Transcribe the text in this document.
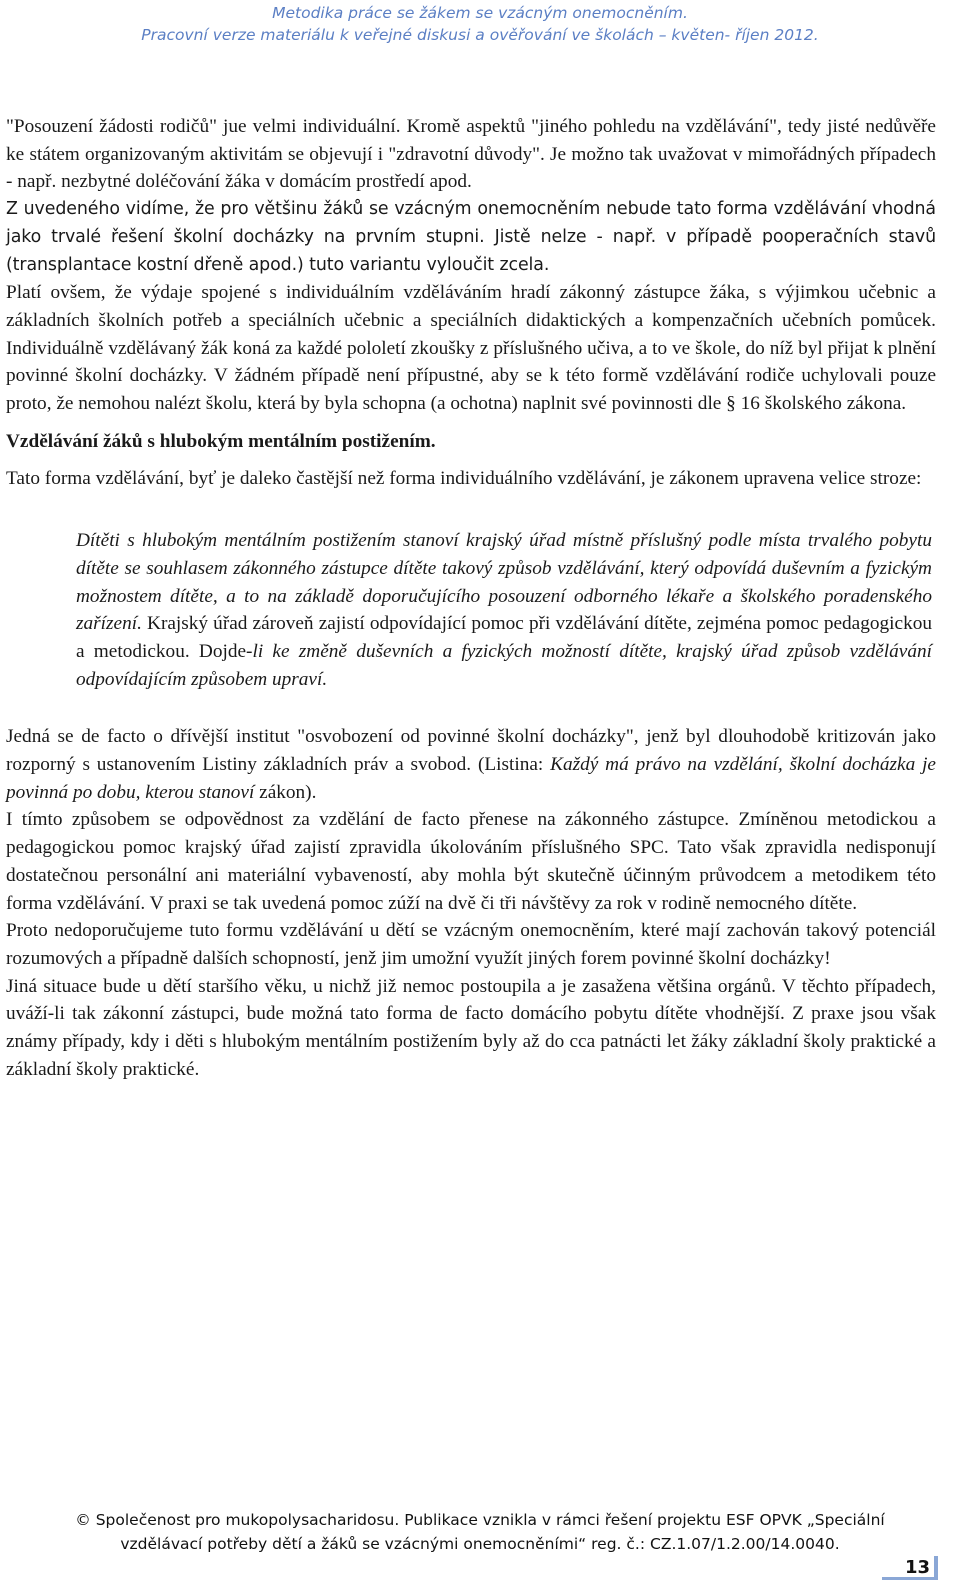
Metodika práce se žákem se vzácným onemocněním.
Pracovní verze materiálu k veřejné diskusi a ověřování ve školách – květen- říjen 2012.

"Posouzení žádosti rodičů" jue velmi individuální. Kromě aspektů "jiného pohledu na vzdělávání", tedy jisté nedůvěře ke státem organizovaným aktivitám se objevují i "zdravotní důvody". Je možno tak uvažovat v mimořádných případech - např. nezbytné doléčování žáka v domácím prostředí apod.

Z uvedeného vidíme, že pro většinu žáků se vzácným onemocněním nebude tato forma vzdělávání vhodná jako trvalé řešení školní docházky na prvním stupni. Jistě nelze - např. v případě pooperačních stavů (transplantace kostní dřeně apod.) tuto variantu vyloučit zcela.

Platí ovšem, že výdaje spojené s individuálním vzděláváním hradí zákonný zástupce žáka, s výjimkou učebnic a základních školních potřeb a speciálních učebnic a speciálních didaktických a kompenzačních učebních pomůcek. Individuálně vzdělávaný žák koná za každé pololetí zkoušky z příslušného učiva, a to ve škole, do níž byl přijat k plnění povinné školní docházky. V žádném případě není přípustné, aby se k této formě vzdělávání rodiče uchylovali pouze proto, že nemohou nalézt školu, která by byla schopna (a ochotna) naplnit své povinnosti dle § 16 školského zákona.

Vzdělávání žáků s hlubokým mentálním postižením.

Tato forma vzdělávání, byť je daleko častější než forma individuálního vzdělávání, je zákonem upravena velice stroze:

Dítěti s hlubokým mentálním postižením stanoví krajský úřad místně příslušný podle místa trvalého pobytu dítěte se souhlasem zákonného zástupce dítěte takový způsob vzdělávání, který odpovídá duševním a fyzickým možnostem dítěte, a to na základě doporučujícího posouzení odborného lékaře a školského poradenského zařízení. Krajský úřad zároveň zajistí odpovídající pomoc při vzdělávání dítěte, zejména pomoc pedagogickou a metodickou. Dojde-li ke změně duševních a fyzických možností dítěte, krajský úřad způsob vzdělávání odpovídajícím způsobem upraví.

Jedná se de facto o dřívější institut "osvobození od povinné školní docházky", jenž byl dlouhodobě kritizován jako rozporný s ustanovením Listiny základních práv a svobod. (Listina: Každý má právo na vzdělání, školní docházka je povinná po dobu, kterou stanoví zákon).

I tímto způsobem se odpovědnost za vzdělání de facto přenese na zákonného zástupce. Zmíněnou metodickou a pedagogickou pomoc krajský úřad zajistí zpravidla úkolováním příslušného SPC. Tato však zpravidla nedisponují dostatečnou personální ani materiální vybaveností, aby mohla být skutečně účinným průvodcem a metodikem této forma vzdělávání. V praxi se tak uvedená pomoc zúží na dvě či tři návštěvy za rok v rodině nemocného dítěte.

Proto nedoporučujeme tuto formu vzdělávání u dětí se vzácným onemocněním, které mají zachován takový potenciál rozumových a případně dalších schopností, jenž jim umožní využít jiných forem povinné školní docházky!

Jiná situace bude u dětí staršího věku, u nichž již nemoc postoupila a je zasažena většina orgánů. V těchto případech, uváží-li tak zákonní zástupci, bude možná tato forma de facto domácího pobytu dítěte vhodnější. Z praxe jsou však známy případy, kdy i děti s hlubokým mentálním postižením byly až do cca patnácti let žáky základní školy praktické a základní školy praktické.

© Společenost pro mukopolysacharidosu. Publikace vznikla v rámci řešení projektu ESF OPVK „Speciální
vzdělávací potřeby dětí a žáků se vzácnými onemocněními“ reg. č.: CZ.1.07/1.2.00/14.0040.
13
